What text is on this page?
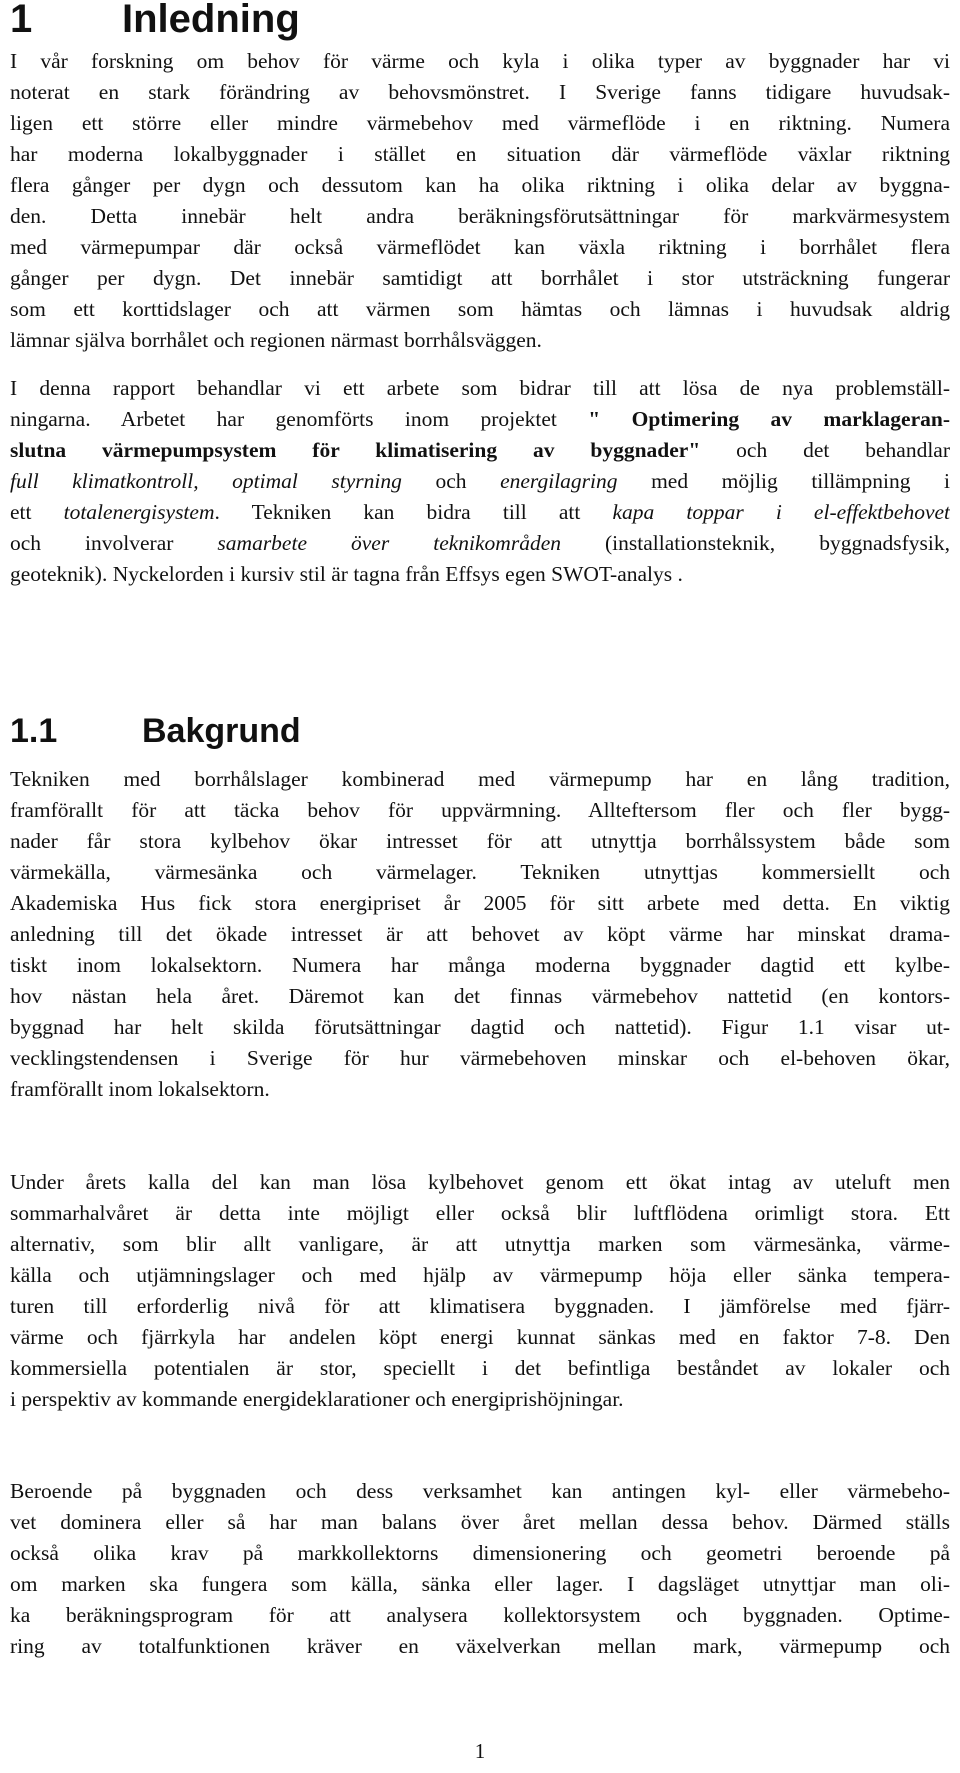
1 Inledning
I vår forskning om behov för värme och kyla i olika typer av byggnader har vi
noterat en stark förändring av behovsmönstret. I Sverige fanns tidigare huvudsak-
ligen ett större eller mindre värmebehov med värmeflöde i en riktning. Numera
har moderna lokalbyggnader i stället en situation där värmeflöde växlar riktning
flera gånger per dygn och dessutom kan ha olika riktning i olika delar av byggna-
den. Detta innebär helt andra beräkningsförutsättningar för markvärmesystem
med värmepumpar där också värmeflödet kan växla riktning i borrhålet flera
gånger per dygn. Det innebär samtidigt att borrhålet i stor utsträckning fungerar
som ett korttidslager och att värmen som hämtas och lämnas i huvudsak aldrig
lämnar själva borrhålet och regionen närmast borrhålsväggen.
I denna rapport behandlar vi ett arbete som bidrar till att lösa de nya problemställ-
ningarna. Arbetet har genomförts inom projektet " Optimering av marklageran-
slutna värmepumpsystem för klimatisering av byggnader" och det behandlar
full klimatkontroll, optimal styrning och energilagring med möjlig tillämpning i
ett totalenergisystem. Tekniken kan bidra till att kapa toppar i el-effektbehovet
och involverar samarbete över teknikområden (installationsteknik, byggnadsfysik,
geoteknik). Nyckelorden i kursiv stil är tagna från Effsys egen SWOT-analys .
1.1 Bakgrund
Tekniken med borrhålslager kombinerad med värmepump har en lång tradition,
framförallt för att täcka behov för uppvärmning. Allteftersom fler och fler bygg-
nader får stora kylbehov ökar intresset för att utnyttja borrhålssystem både som
värmekälla, värmesänka och värmelager. Tekniken utnyttjas kommersiellt och
Akademiska Hus fick stora energipriset år 2005 för sitt arbete med detta. En viktig
anledning till det ökade intresset är att behovet av köpt värme har minskat drama-
tiskt inom lokalsektorn. Numera har många moderna byggnader dagtid ett kylbe-
hov nästan hela året. Däremot kan det finnas värmebehov nattetid (en kontors-
byggnad har helt skilda förutsättningar dagtid och nattetid). Figur 1.1 visar ut-
vecklingstendensen i Sverige för hur värmebehoven minskar och el-behoven ökar,
framförallt inom lokalsektorn.
Under årets kalla del kan man lösa kylbehovet genom ett ökat intag av uteluft men
sommarhalvåret är detta inte möjligt eller också blir luftflödena orimligt stora. Ett
alternativ, som blir allt vanligare, är att utnyttja marken som värmesänka, värme-
källa och utjämningslager och med hjälp av värmepump höja eller sänka tempera-
turen till erforderlig nivå för att klimatisera byggnaden. I jämförelse med fjärr-
värme och fjärrkyla har andelen köpt energi kunnat sänkas med en faktor 7-8. Den
kommersiella potentialen är stor, speciellt i det befintliga beståndet av lokaler och
i perspektiv av kommande energideklarationer och energiprishöjningar.
Beroende på byggnaden och dess verksamhet kan antingen kyl- eller värmebeho-
vet dominera eller så har man balans över året mellan dessa behov. Därmed ställs
också olika krav på markkollektorns dimensionering och geometri beroende på
om marken ska fungera som källa, sänka eller lager. I dagsläget utnyttjar man oli-
ka beräkningsprogram för att analysera kollektorsystem och byggnaden. Optime-
ring av totalfunktionen kräver en växelverkan mellan mark, värmepump och
1
